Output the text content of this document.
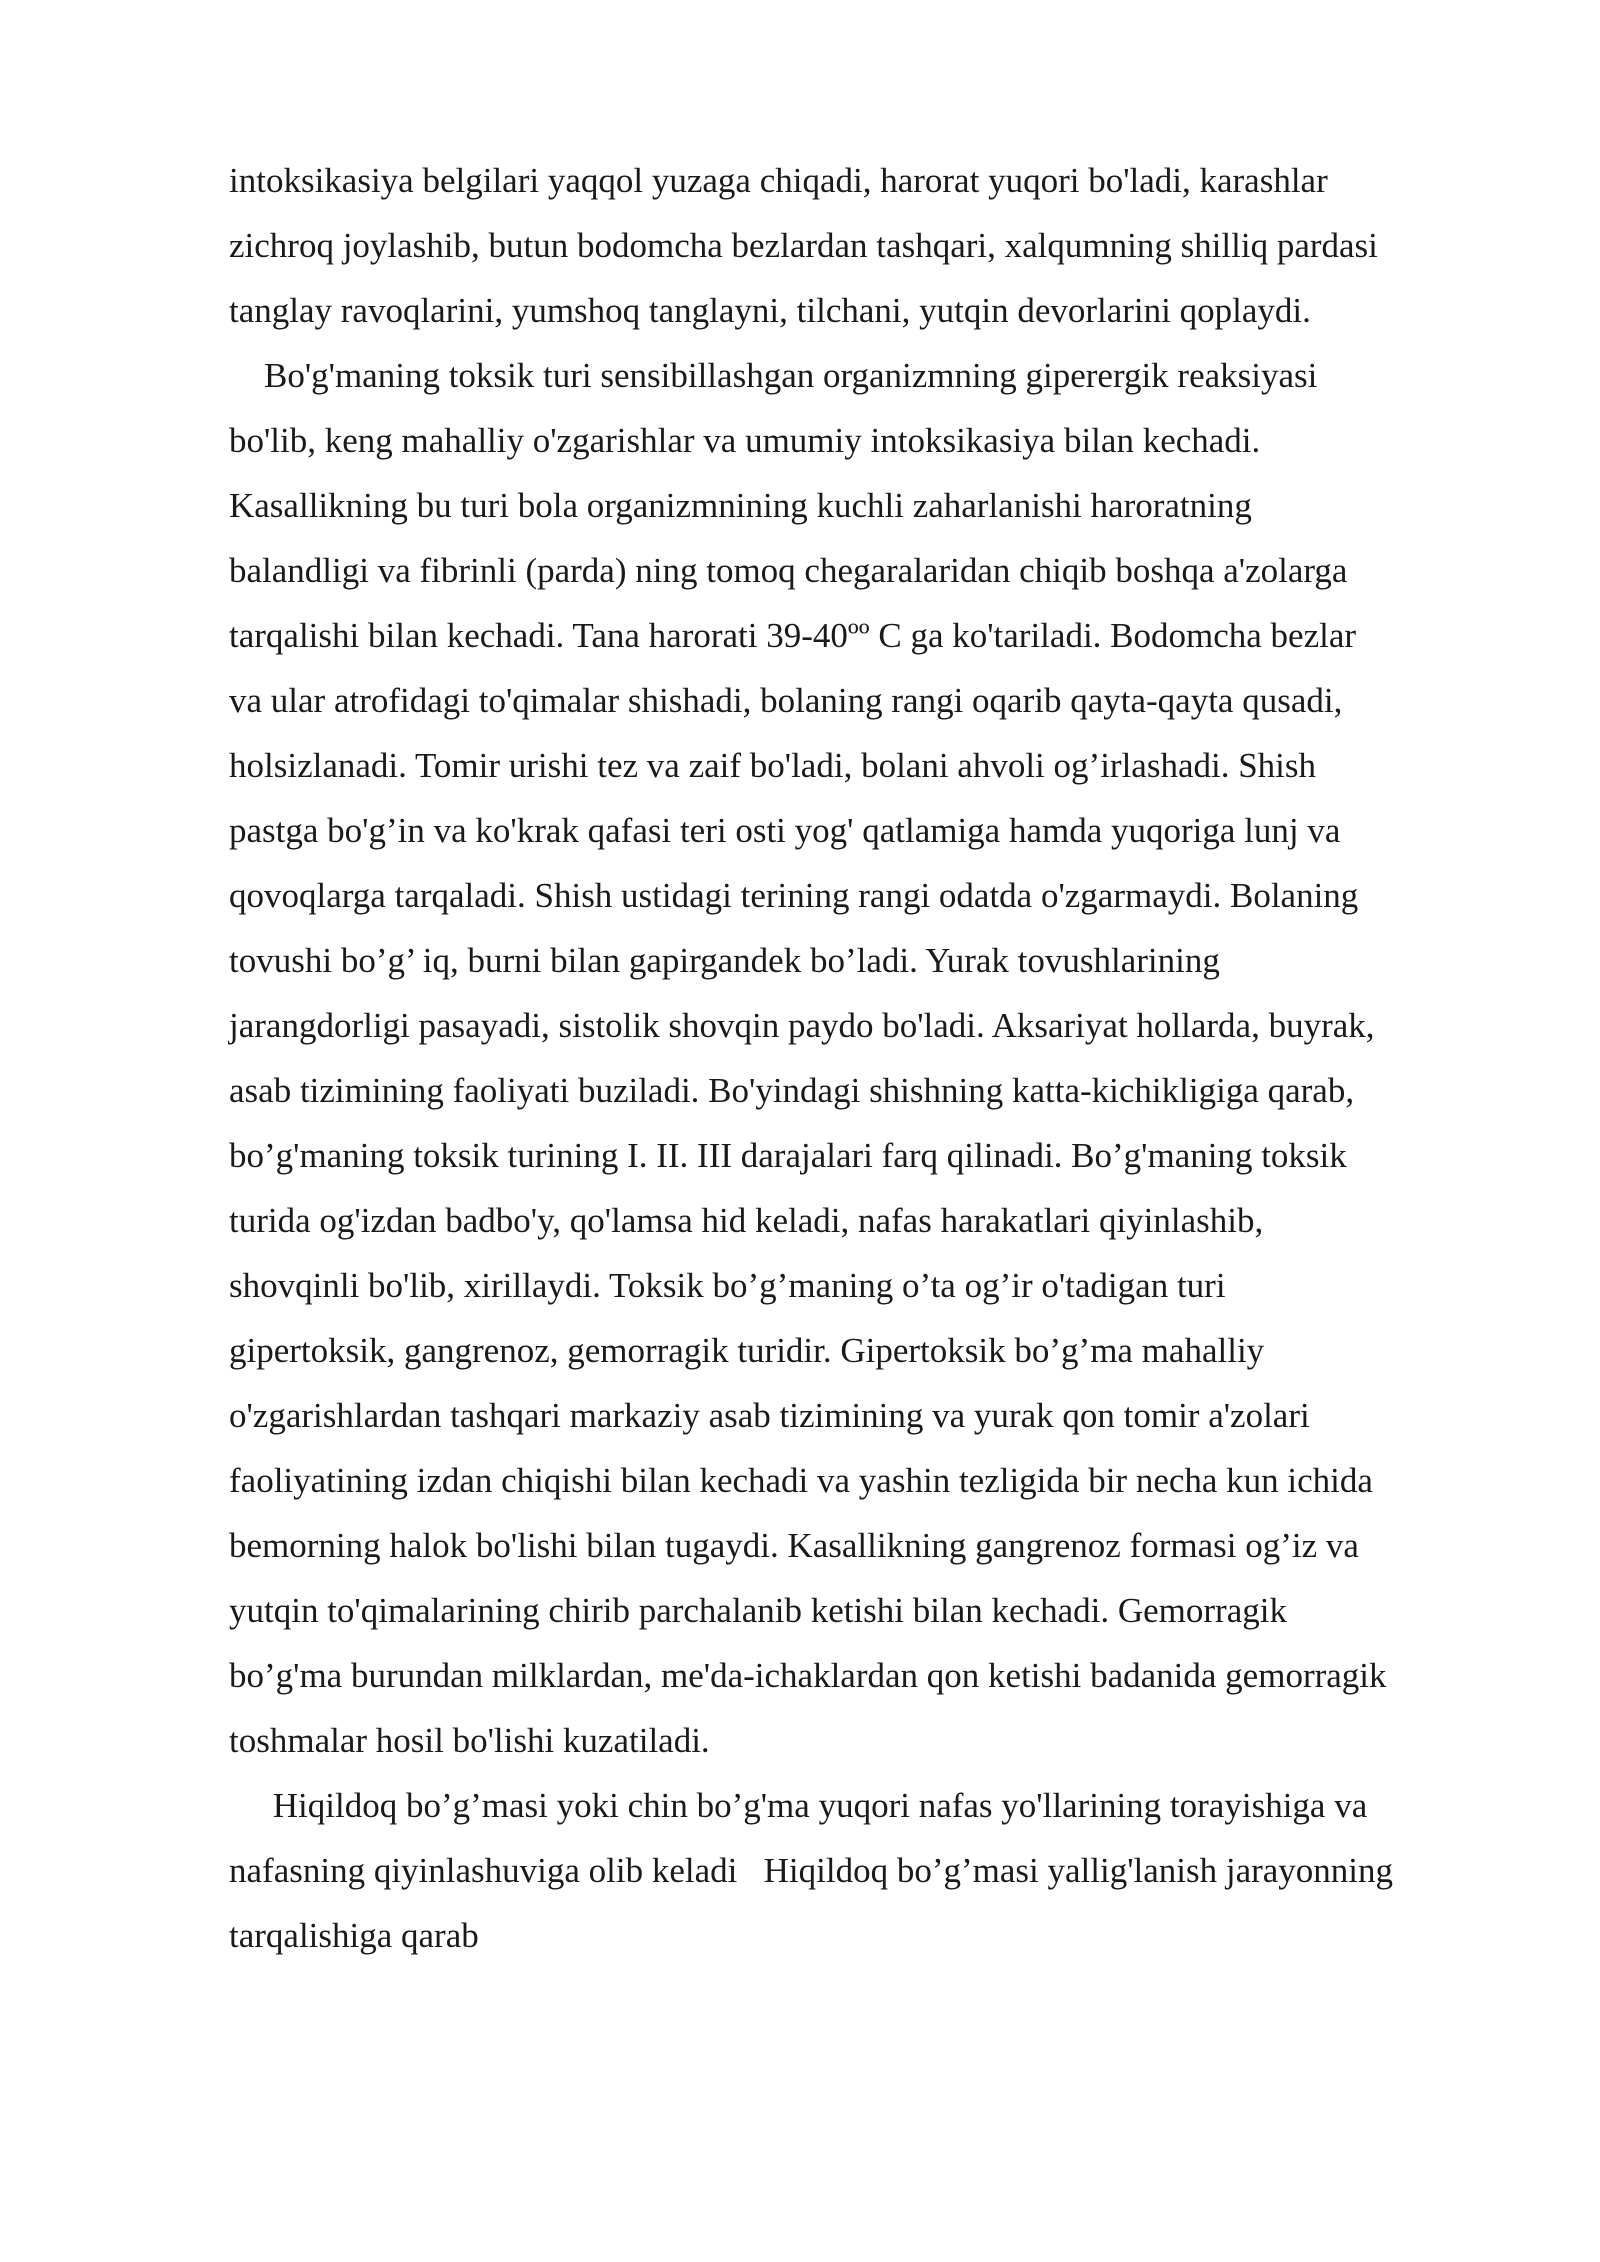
intoksikasiya belgilari yaqqol yuzaga chiqadi, harorat yuqori bo'ladi, karashlar
zichroq joylashib, butun bodomcha bezlardan tashqari, xalqumning shilliq pardasi
tanglay ravoqlarini, yumshoq tanglayni, tilchani, yutqin devorlarini qoplaydi.
Bo'g'maning toksik turi sensibillashgan organizmning giperergik reaksiyasi
bo'lib, keng mahalliy o'zgarishlar va umumiy intoksikasiya bilan kechadi.
Kasallikning bu turi bola organizmnining kuchli zaharlanishi haroratning
balandligi va fibrinli (parda) ning tomoq chegaralaridan chiqib boshqa a'zolarga
tarqalishi bilan kechadi. Tana harorati 39-40ºº C ga ko'tariladi. Bodomcha bezlar
va ular atrofidagi to'qimalar shishadi, bolaning rangi oqarib qayta-qayta qusadi,
holsizlanadi. Tomir urishi tez va zaif bo'ladi, bolani ahvoli og’irlashadi. Shish
pastga bo'g’in va ko'krak qafasi teri osti yog' qatlamiga hamda yuqoriga lunj va
qovoqlarga tarqaladi. Shish ustidagi terining rangi odatda o'zgarmaydi. Bolaning
tovushi bo’g’ iq, burni bilan gapirgandek bo’ladi. Yurak tovushlarining
jarangdorligi pasayadi, sistolik shovqin paydo bo'ladi. Aksariyat hollarda, buyrak,
asab tizimining faoliyati buziladi. Bo'yindagi shishning katta-kichikligiga qarab,
bo’g'maning toksik turining I. II. III darajalari farq qilinadi. Bo’g'maning toksik
turida og'izdan badbo'y, qo'lamsa hid keladi, nafas harakatlari qiyinlashib,
shovqinli bo'lib, xirillaydi. Toksik bo’g’maning o’ta og’ir o'tadigan turi
gipertoksik, gangrenoz, gemorragik turidir. Gipertoksik bo’g’ma mahalliy
o'zgarishlardan tashqari markaziy asab tizimining va yurak qon tomir a'zolari
faoliyatining izdan chiqishi bilan kechadi va yashin tezligida bir necha kun ichida
bemorning halok bo'lishi bilan tugaydi. Kasallikning gangrenoz formasi og’iz va
yutqin to'qimalarining chirib parchalanib ketishi bilan kechadi. Gemorragik
bo’g'ma burundan milklardan, me'da-ichaklardan qon ketishi badanida gemorragik
toshmalar hosil bo'lishi kuzatiladi.
Hiqildoq bo’g’masi yoki chin bo’g'ma yuqori nafas yo'llarining torayishiga va
nafasning qiyinlashuviga olib keladi   Hiqildoq bo’g’masi yallig'lanish jarayonning
tarqalishiga qarab
